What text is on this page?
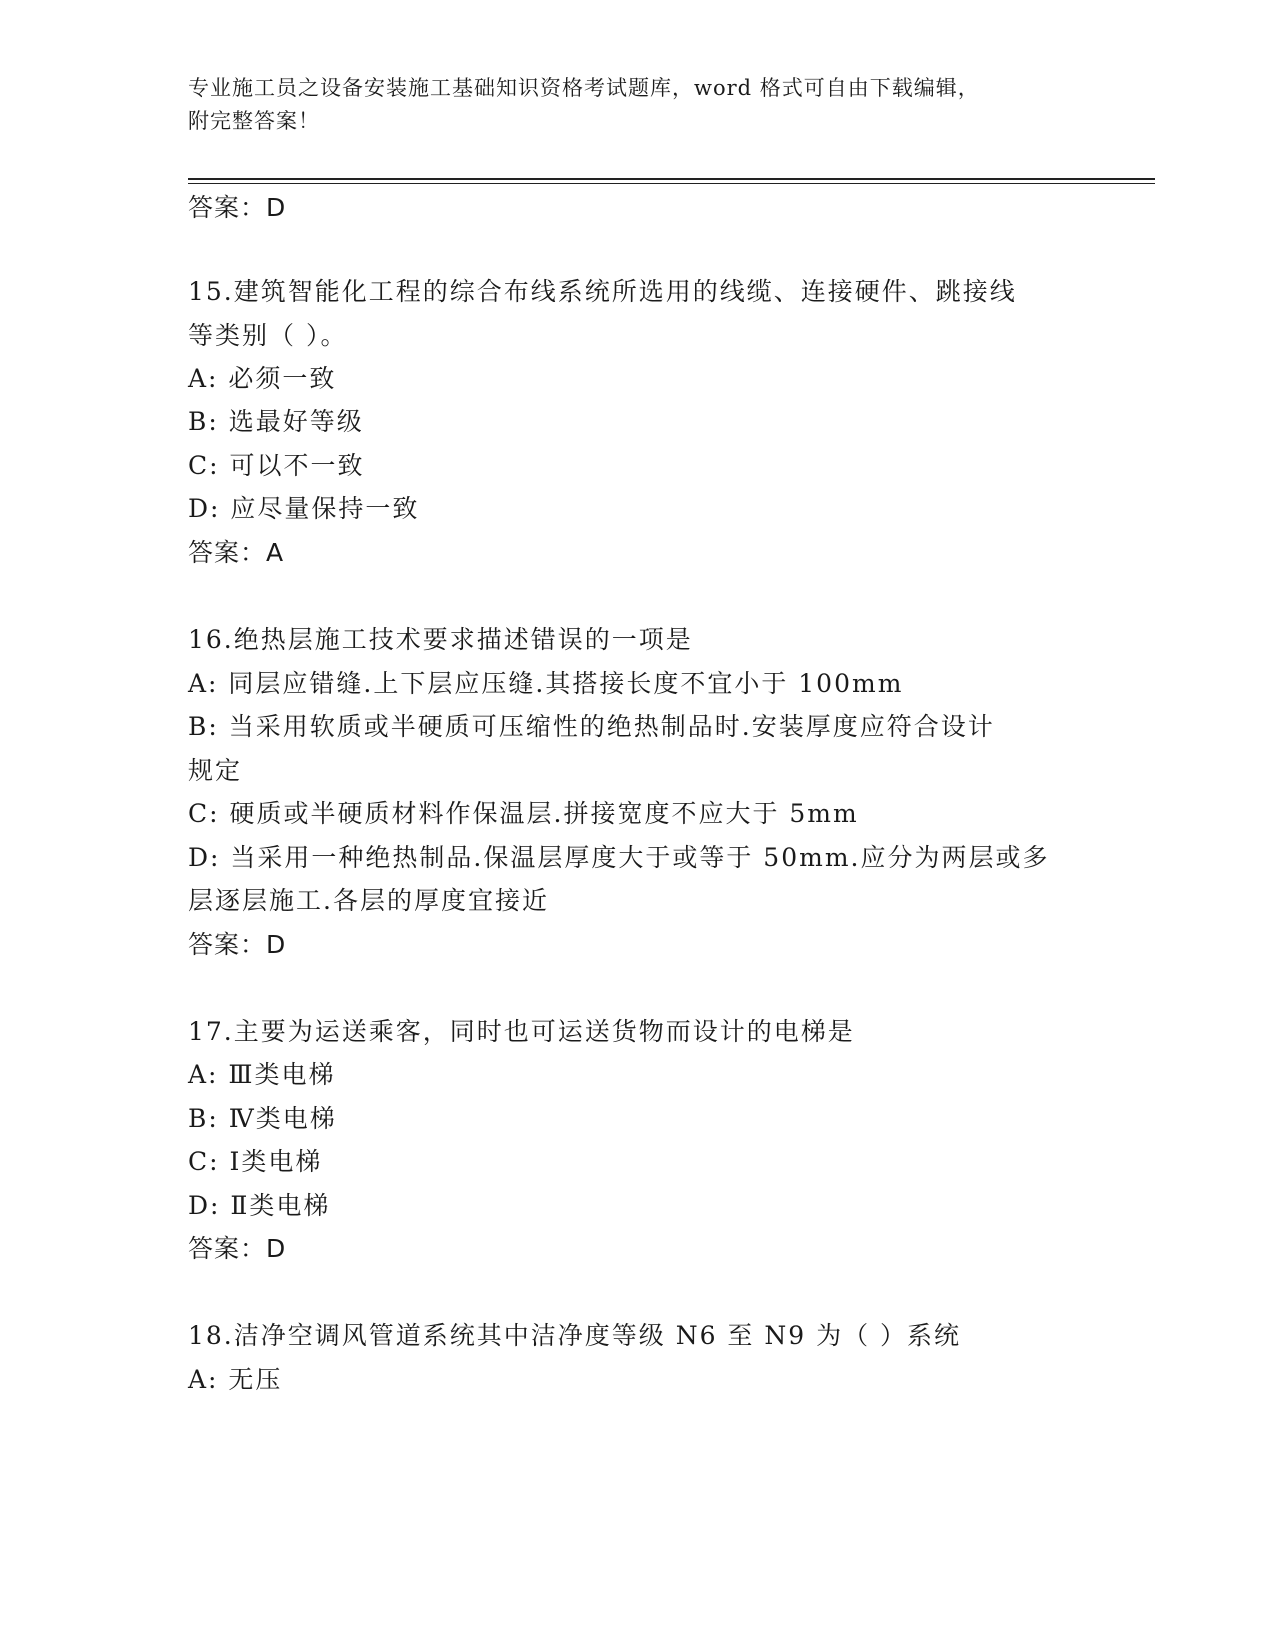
专业施工员之设备安装施工基础知识资格考试题库，word 格式可自由下载编辑，
附完整答案！
答案：D
15.建筑智能化工程的综合布线系统所选用的线缆、连接硬件、跳接线
等类别（ ）。
A: 必须一致
B: 选最好等级
C: 可以不一致
D: 应尽量保持一致
答案：A
16.绝热层施工技术要求描述错误的一项是
A: 同层应错缝.上下层应压缝.其搭接长度不宜小于 100mm
B: 当采用软质或半硬质可压缩性的绝热制品时.安装厚度应符合设计
规定
C: 硬质或半硬质材料作保温层.拼接宽度不应大于 5mm
D: 当采用一种绝热制品.保温层厚度大于或等于 50mm.应分为两层或多
层逐层施工.各层的厚度宜接近
答案：D
17.主要为运送乘客，同时也可运送货物而设计的电梯是
A: Ⅲ类电梯
B: Ⅳ类电梯
C: Ⅰ类电梯
D: Ⅱ类电梯
答案：D
18.洁净空调风管道系统其中洁净度等级 N6 至 N9 为（ ）系统
A: 无压
